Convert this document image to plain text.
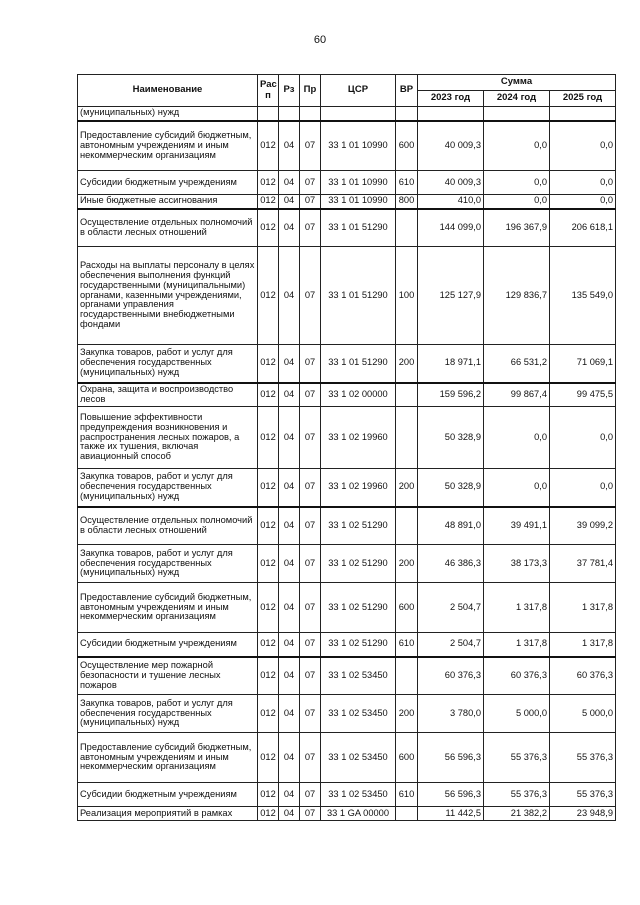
60
Наименование	Рас п	Рз	Пр	ЦСР	ВР	Сумма		
						2023 год	2024 год	2025 год
(муниципальных) нужд								
Предоставление субсидий бюджетным, автономным учреждениям и иным некоммерческим организациям	012	04	07	33 1 01 10990	600	40 009,3	0,0	0,0
Субсидии бюджетным учреждениям	012	04	07	33 1 01 10990	610	40 009,3	0,0	0,0
Иные бюджетные ассигнования	012	04	07	33 1 01 10990	800	410,0	0,0	0,0
Осуществление отдельных полномочий в области лесных отношений	012	04	07	33 1 01 51290		144 099,0	196 367,9	206 618,1
Расходы на выплаты персоналу в целях обеспечения выполнения функций государственными (муниципальными) органами, казенными учреждениями, органами управления государственными внебюджетными фондами	012	04	07	33 1 01 51290	100	125 127,9	129 836,7	135 549,0
Закупка товаров, работ и услуг для обеспечения государственных (муниципальных) нужд	012	04	07	33 1 01 51290	200	18 971,1	66 531,2	71 069,1
Охрана, защита и воспроизводство лесов	012	04	07	33 1 02 00000		159 596,2	99 867,4	99 475,5
Повышение эффективности предупреждения возникновения и распространения лесных пожаров, а также их тушения, включая авиационный способ	012	04	07	33 1 02 19960		50 328,9	0,0	0,0
Закупка товаров, работ и услуг для обеспечения государственных (муниципальных) нужд	012	04	07	33 1 02 19960	200	50 328,9	0,0	0,0
Осуществление отдельных полномочий в области лесных отношений	012	04	07	33 1 02 51290		48 891,0	39 491,1	39 099,2
Закупка товаров, работ и услуг для обеспечения государственных (муниципальных) нужд	012	04	07	33 1 02 51290	200	46 386,3	38 173,3	37 781,4
Предоставление субсидий бюджетным, автономным учреждениям и иным некоммерческим организациям	012	04	07	33 1 02 51290	600	2 504,7	1 317,8	1 317,8
Субсидии бюджетным учреждениям	012	04	07	33 1 02 51290	610	2 504,7	1 317,8	1 317,8
Осуществление мер пожарной безопасности и тушение лесных пожаров	012	04	07	33 1 02 53450		60 376,3	60 376,3	60 376,3
Закупка товаров, работ и услуг для обеспечения государственных (муниципальных) нужд	012	04	07	33 1 02 53450	200	3 780,0	5 000,0	5 000,0
Предоставление субсидий бюджетным, автономным учреждениям и иным некоммерческим организациям	012	04	07	33 1 02 53450	600	56 596,3	55 376,3	55 376,3
Субсидии бюджетным учреждениям	012	04	07	33 1 02 53450	610	56 596,3	55 376,3	55 376,3
Реализация мероприятий в рамках	012	04	07	33 1 GA 00000		11 442,5	21 382,2	23 948,9
